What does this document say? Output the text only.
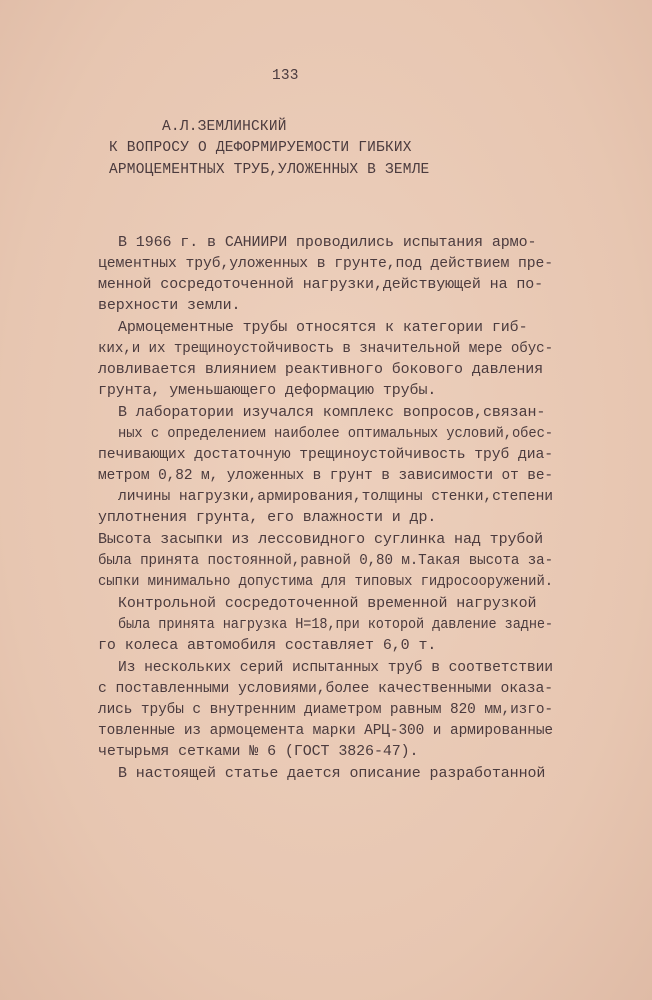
133
А.Л.ЗЕМЛИНСКИЙ
К ВОПРОСУ О ДЕФОРМИРУЕМОСТИ ГИБКИХ
АРМОЦЕМЕНТНЫХ ТРУБ,УЛОЖЕННЫХ В ЗЕМЛЕ
В 1966 г. в САНИИРИ проводились испытания армо-
цементных труб,уложенных в грунте,под действием пре-
менной сосредоточенной нагрузки,действующей на по-
верхности земли.
Армоцементные трубы относятся к категории гиб-
ких,и их трещиноустойчивость в значительной мере обус-
ловливается влиянием реактивного бокового давления
грунта, уменьшающего деформацию трубы.
В лаборатории изучался комплекс вопросов,связан-
ных с определением наиболее оптимальных условий,обес-
печивающих достаточную трещиноустойчивость труб диа-
метром 0,82 м, уложенных в грунт в зависимости от ве-
личины нагрузки,армирования,толщины стенки,степени
уплотнения грунта, его влажности и др.
Высота засыпки из лессовидного суглинка над трубой
была принята постоянной,равной 0,80 м.Такая высота за-
сыпки минимально допустима для типовых гидросооружений.
Контрольной сосредоточенной временной нагрузкой
была принята нагрузка Н=18,при которой давление задне-
го колеса автомобиля составляет 6,0 т.
Из нескольких серий испытанных труб в соответствии
с поставленными условиями,более качественными оказа-
лись трубы с внутренним диаметром равным 820 мм,изго-
товленные из армоцемента марки АРЦ-300 и армированные
четырьмя сетками № 6 (ГОСТ 3826-47).
В настоящей статье дается описание разработанной
